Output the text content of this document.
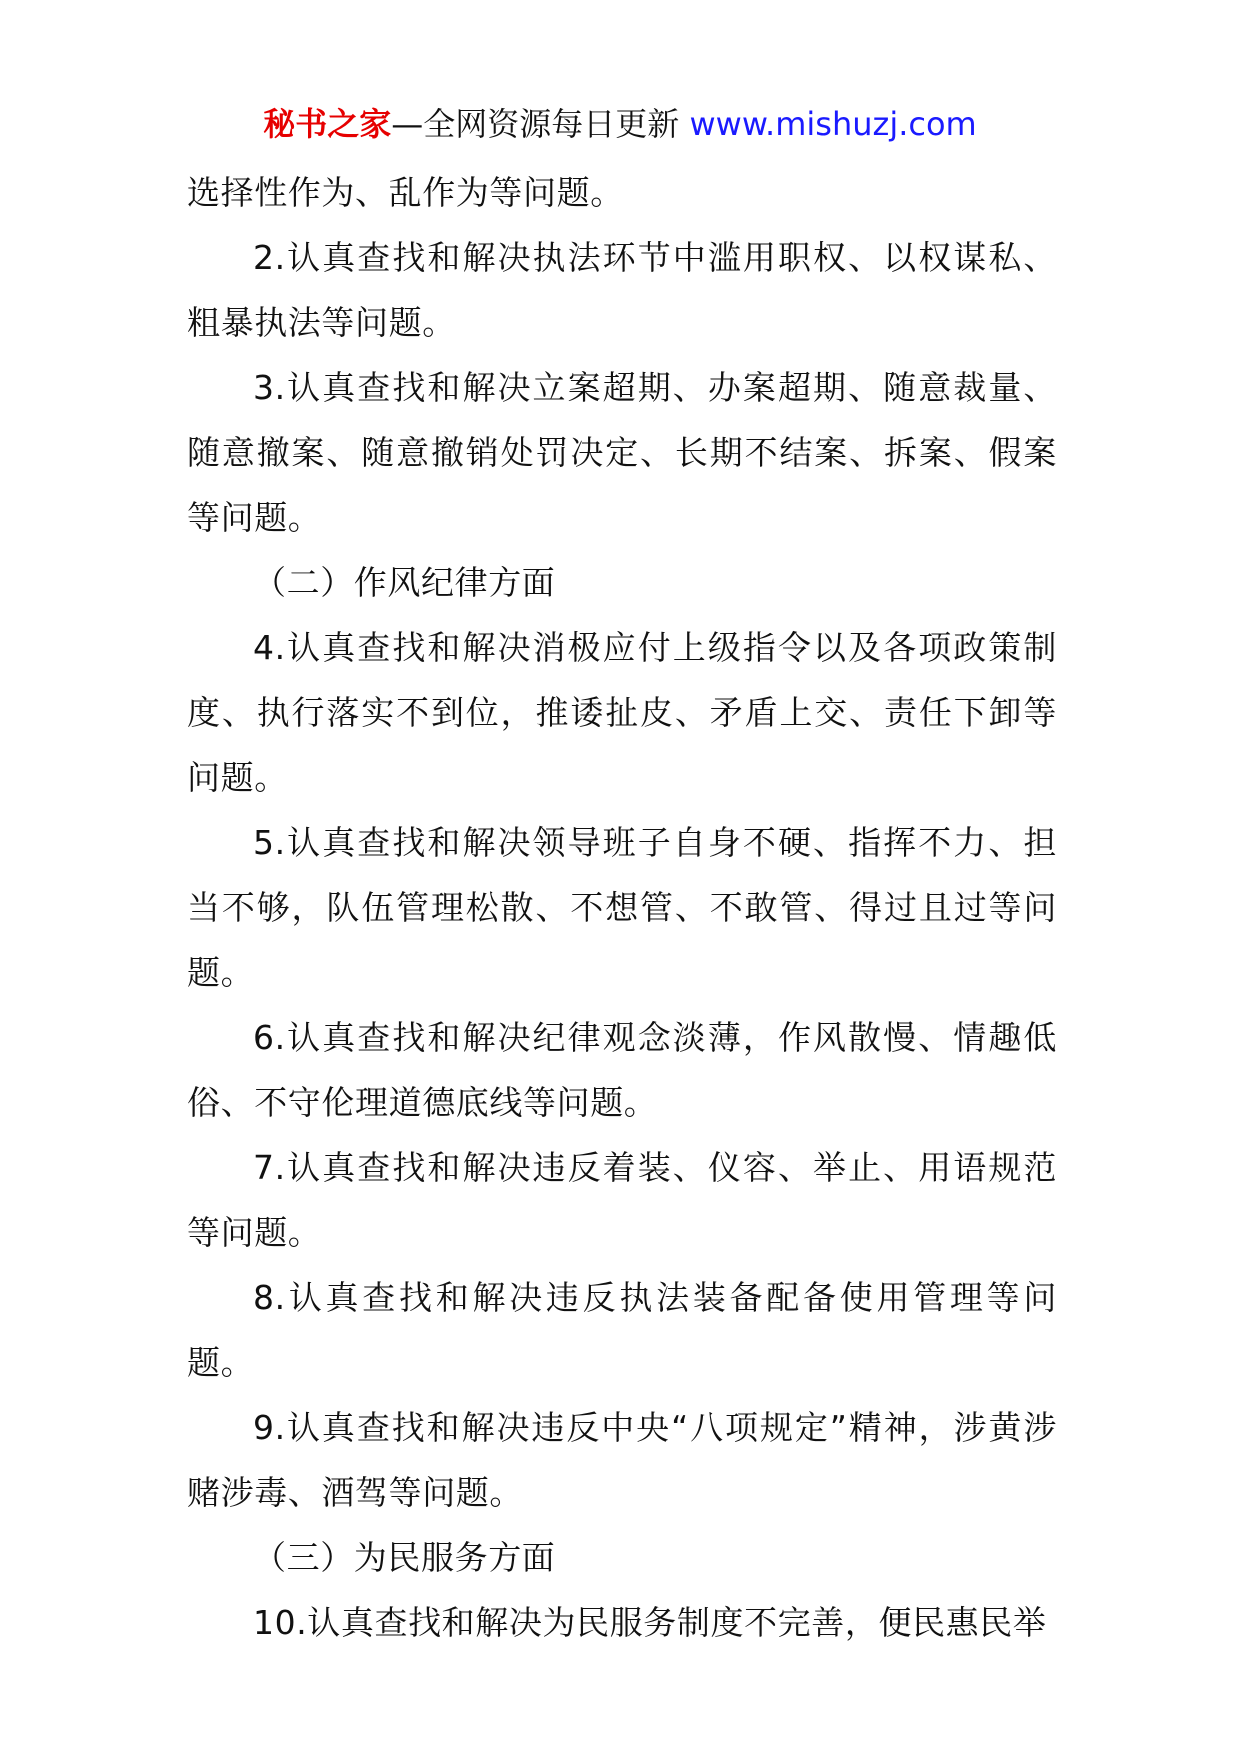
秘书之家—全网资源每日更新 www.mishuzj.com

选择性作为、乱作为等问题。

2.认真查找和解决执法环节中滥用职权、以权谋私、粗暴执法等问题。

3.认真查找和解决立案超期、办案超期、随意裁量、随意撤案、随意撤销处罚决定、长期不结案、拆案、假案等问题。

（二）作风纪律方面

4.认真查找和解决消极应付上级指令以及各项政策制度、执行落实不到位，推诿扯皮、矛盾上交、责任下卸等问题。

5.认真查找和解决领导班子自身不硬、指挥不力、担当不够，队伍管理松散、不想管、不敢管、得过且过等问题。

6.认真查找和解决纪律观念淡薄，作风散慢、情趣低俗、不守伦理道德底线等问题。

7.认真查找和解决违反着装、仪容、举止、用语规范等问题。

8.认真查找和解决违反执法装备配备使用管理等问题。

9.认真查找和解决违反中央“八项规定”精神，涉黄涉赌涉毒、酒驾等问题。

（三）为民服务方面

10.认真查找和解决为民服务制度不完善，便民惠民举
